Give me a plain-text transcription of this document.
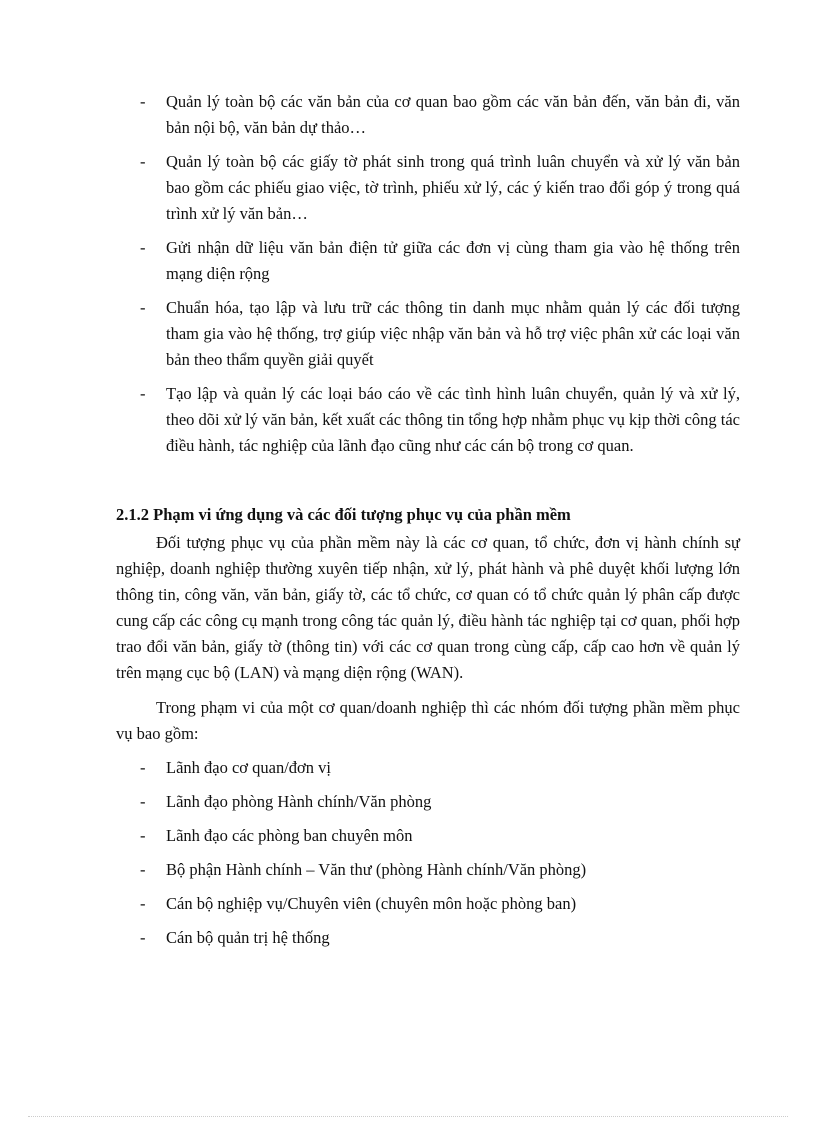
-	Quản lý toàn bộ các văn bản của cơ quan bao gồm các văn bản đến, văn bản đi, văn bản nội bộ, văn bản dự thảo…
-	Quản lý toàn bộ các giấy tờ phát sinh trong quá trình luân chuyển và xử lý văn bản bao gồm các phiếu giao việc, tờ trình, phiếu xử lý, các ý kiến trao đổi góp ý trong quá trình xử lý văn bản…
-	Gửi nhận dữ liệu văn bản điện tử giữa các đơn vị cùng tham gia vào hệ thống trên mạng diện rộng
-	Chuẩn hóa, tạo lập và lưu trữ các thông tin danh mục nhằm quản lý các đối tượng tham gia vào hệ thống, trợ giúp việc nhập văn bản và hỗ trợ việc phân xử các loại văn bản theo thẩm quyền giải quyết
-	Tạo lập và quản lý các loại báo cáo về các tình hình luân chuyển, quản lý và xử lý, theo dõi xử lý văn bản, kết xuất các thông tin tổng hợp nhằm phục vụ kịp thời công tác điều hành, tác nghiệp của lãnh đạo cũng như các cán bộ trong cơ quan.
2.1.2 Phạm vi ứng dụng và các đối tượng phục vụ của phần mềm
Đối tượng phục vụ của phần mềm này là các cơ quan, tổ chức, đơn vị hành chính sự nghiệp, doanh nghiệp thường xuyên tiếp nhận, xử lý, phát hành và phê duyệt khối lượng lớn thông tin, công văn, văn bản, giấy tờ, các tổ chức, cơ quan có tổ chức quản lý phân cấp được cung cấp các công cụ mạnh trong công tác quản lý, điều hành tác nghiệp tại cơ quan, phối hợp trao đổi văn bản, giấy tờ (thông tin) với các cơ quan trong cùng cấp, cấp cao hơn về quản lý trên mạng cục bộ (LAN) và mạng diện rộng (WAN).
Trong phạm vi của một cơ quan/doanh nghiệp thì các nhóm đối tượng phần mềm phục vụ bao gồm:
-	Lãnh đạo cơ quan/đơn vị
-	Lãnh đạo phòng Hành chính/Văn phòng
-	Lãnh đạo các phòng ban chuyên môn
-	Bộ phận Hành chính – Văn thư (phòng Hành chính/Văn phòng)
-	Cán bộ nghiệp vụ/Chuyên viên (chuyên môn hoặc phòng ban)
-	Cán bộ quản trị hệ thống
